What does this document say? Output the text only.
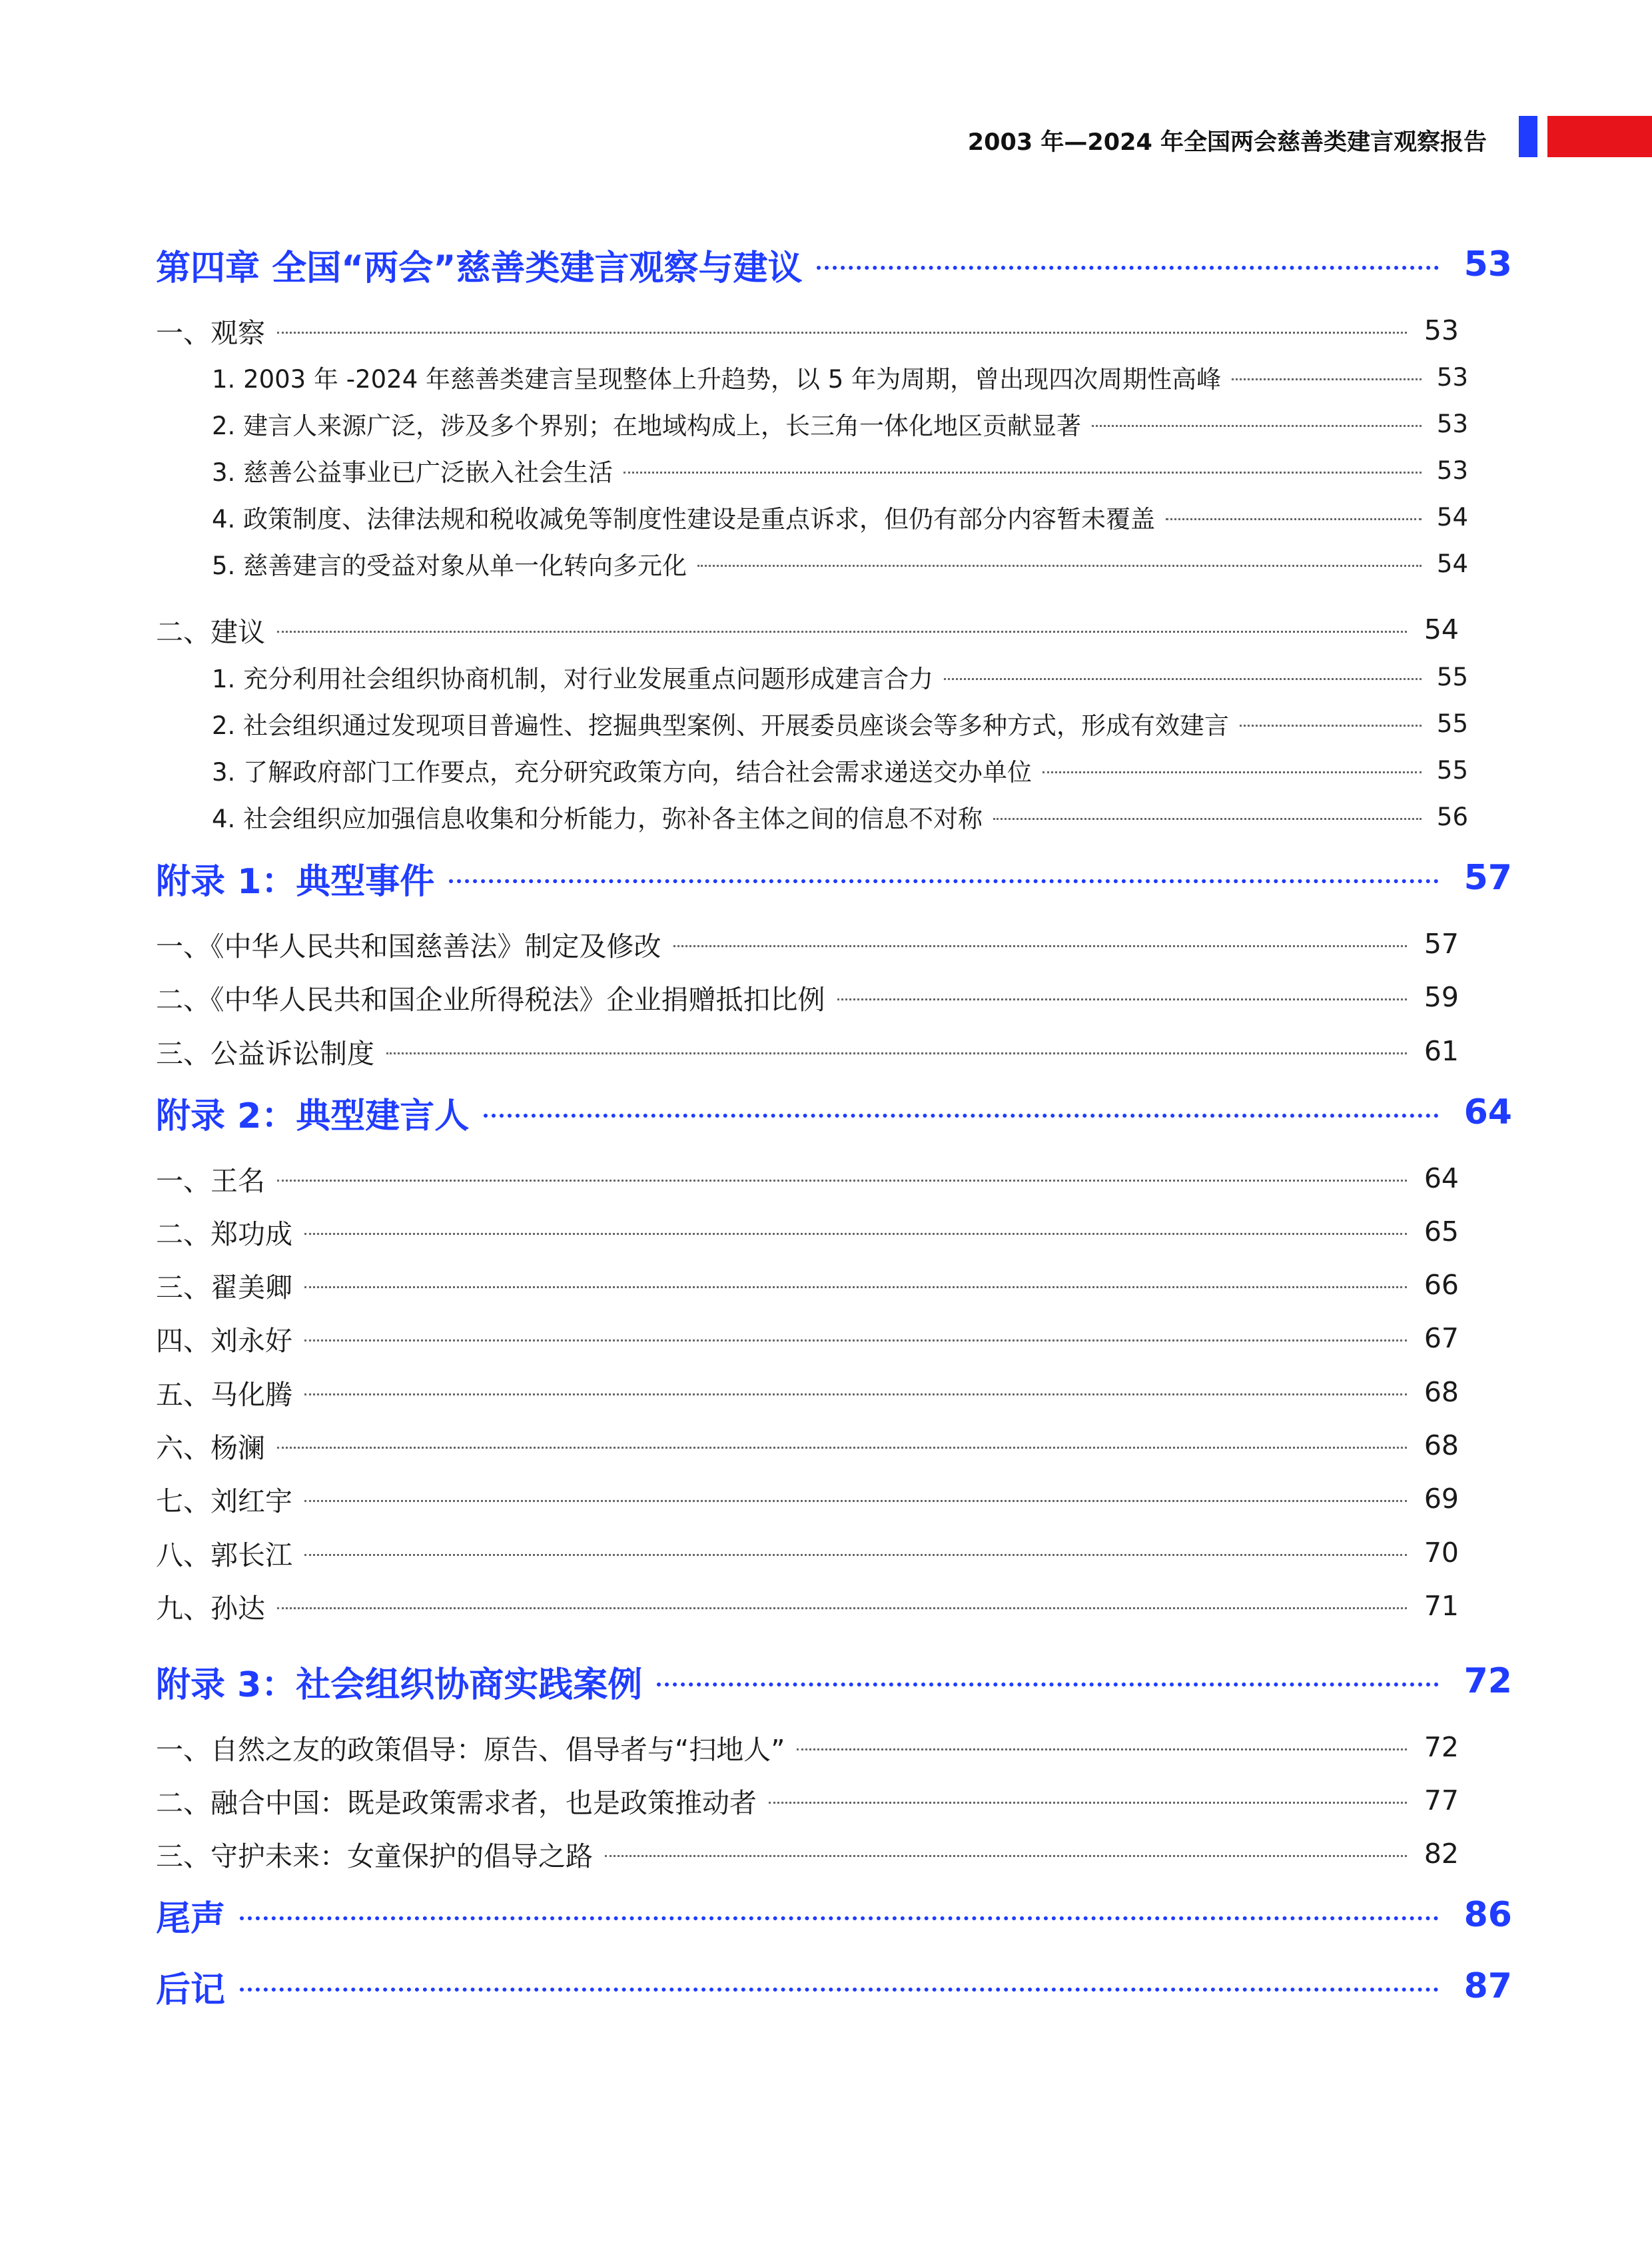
2003 年—2024 年全国两会慈善类建言观察报告
第四章 全国“两会”慈善类建言观察与建议	53
一、观察	53
1. 2003 年 -2024 年慈善类建言呈现整体上升趋势，以 5 年为周期，曾出现四次周期性高峰	53
2. 建言人来源广泛，涉及多个界别；在地域构成上，长三角一体化地区贡献显著	53
3. 慈善公益事业已广泛嵌入社会生活	53
4. 政策制度、法律法规和税收减免等制度性建设是重点诉求，但仍有部分内容暂未覆盖	54
5. 慈善建言的受益对象从单一化转向多元化	54
二、建议	54
1. 充分利用社会组织协商机制，对行业发展重点问题形成建言合力	55
2. 社会组织通过发现项目普遍性、挖掘典型案例、开展委员座谈会等多种方式，形成有效建言	55
3. 了解政府部门工作要点，充分研究政策方向，结合社会需求递送交办单位	55
4. 社会组织应加强信息收集和分析能力，弥补各主体之间的信息不对称	56
附录 1：典型事件	57
一、《中华人民共和国慈善法》制定及修改	57
二、《中华人民共和国企业所得税法》企业捐赠抵扣比例	59
三、公益诉讼制度	61
附录 2：典型建言人	64
一、王名	64
二、郑功成	65
三、翟美卿	66
四、刘永好	67
五、马化腾	68
六、杨澜	68
七、刘红宇	69
八、郭长江	70
九、孙达	71
附录 3：社会组织协商实践案例	72
一、自然之友的政策倡导：原告、倡导者与“扫地人”	72
二、融合中国：既是政策需求者，也是政策推动者	77
三、守护未来：女童保护的倡导之路	82
尾声	86
后记	87
